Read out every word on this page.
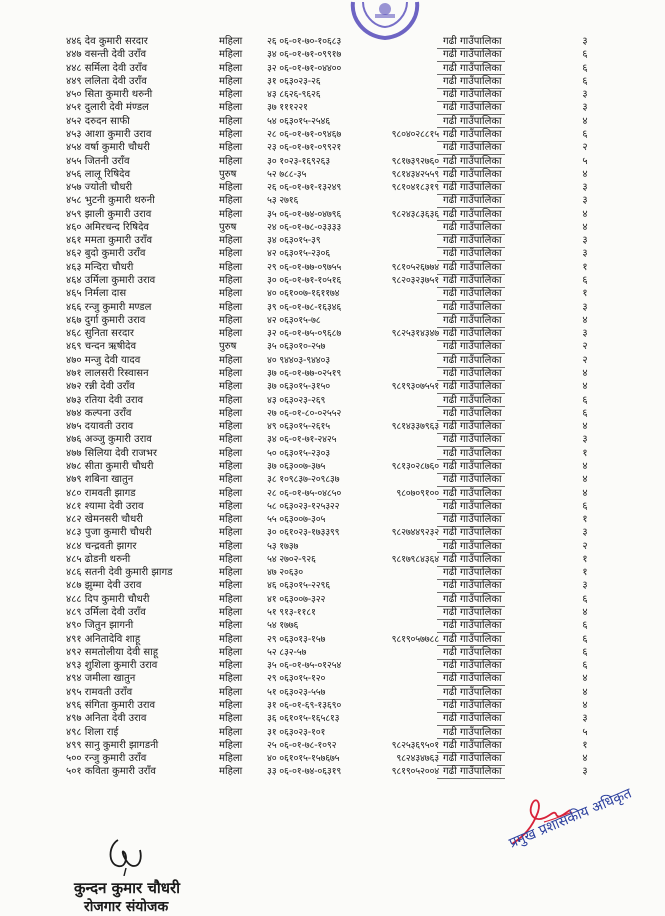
४४६ देव कुमारी सरदार	महिला	२६ ०६-०१-७०-१०६८३	गढी गाउँपालिका	३
४४७ वसन्ती देवी उराँव	महिला	३४ ०६-०१-७१-०९९१७	गढी गाउँपालिका	६
४४८ सर्मिला देवी उराँव	महिला	३२ ०६-०१-७१-०४४००	गढी गाउँपालिका	६
४४९ ललिता देवी उराँव	महिला	३१ ०६३०२३-२६	गढी गाउँपालिका	६
४५० सिता कुमारी थरुनी	महिला	४३ ८६२६-९६२६	गढी गाउँपालिका	३
४५१ दुलारी देवी मंण्डल	महिला	३७ १११२२१	गढी गाउँपालिका	३
४५२ दरुदन साफी	महिला	५४ ०६३०१५-२५४६	गढी गाउँपालिका	४
४५३ आशा कुमारी उराव	महिला	२८ ०६-०१-७१-०९४६७	९८०४०२८८१५ गढी गाउँपालिका	६
४५४ वर्षा कुमारी चौधरी	महिला	२३ ०६-०१-७१-०९९२१	गढी गाउँपालिका	२
४५५ जितनी उराँव	महिला	३० १०२३-१६९२६३	९८१७३९२७६० गढी गाउँपालिका	५
४५६ लालू रिषिदेव	पुरुष	५२ ७८८-३५	९८१४३४२५५९ गढी गाउँपालिका	४
४५७ ज्योती चौधरी	महिला	२६ ०६-०१-७१-१३२४९	९८१०४१८३१९ गढी गाउँपालिका	३
४५८ भुटनी कुमारी थरुनी	महिला	५३ २७१६	गढी गाउँपालिका	३
४५९ झाली कुमारी उराव	महिला	३५ ०६-०१-७४-०४७९६	९८२४३८३६३६ गढी गाउँपालिका	४
४६० अमिरचन्द रिषिदेव	पुरुष	२४ ०६-०१-७८-०३३३३	गढी गाउँपालिका	४
४६१ ममता कुमारी उराँव	महिला	३४ ०६३०१५-३९	गढी गाउँपालिका	३
४६२ बुदो कुमारी उराँव	महिला	४२ ०६३०१५-२३०६	गढी गाउँपालिका	३
४६३ मन्दिरा चौधरी	महिला	२९ ०६-०१-७७-०९७५५	९८१०५२६७७४ गढी गाउँपालिका	१
४६४ उर्मिला कुमारी उराव	महिला	३० ०६-०१-७१-१०५१६	९८२०३२३७५१ गढी गाउँपालिका	६
४६५ निर्मला दास	महिला	४० ०६१००७-१६११७४	गढी गाउँपालिका	१
४६६ रन्जु कुमारी मण्डल	महिला	३९ ०६-०१-७८-१६३४६	गढी गाउँपालिका	३
४६७ दुर्गा कुमारी उराव	महिला	४२ ०६३०१५-७८	गढी गाउँपालिका	४
४६८ सुनिता सरदार	महिला	३२ ०६-०१-७५-०९६८७	९८२५३१४३४७ गढी गाउँपालिका	३
४६९ चन्दन ऋषीदेव	पुरुष	३५ ०६३०१०-२५७	गढी गाउँपालिका	२
४७० मन्जु देवी यादव	महिला	४० ९४४०३-९४४०३	गढी गाउँपालिका	२
४७१ लालसरी रिस्वासन	महिला	३७ ०६-०१-७७-०२५१९	गढी गाउँपालिका	४
४७२ रन्नी देवी उराँव	महिला	३७ ०६३०१५-३१५०	९८१९३०७५५१ गढी गाउँपालिका	४
४७३ रतिया देवी उराव	महिला	४३ ०६३०२३-२६९	गढी गाउँपालिका	६
४७४ कल्पना उराँव	महिला	२७ ०६-०१-८०-०२५५२	गढी गाउँपालिका	६
४७५ दयावती उराव	महिला	४९ ०६३०१५-२६१५	९८१४३३७९६३ गढी गाउँपालिका	४
४७६ अञ्जु कुमारी उराव	महिला	३४ ०६-०१-७१-२४२५	गढी गाउँपालिका	३
४७७ सिलिया देवी राजभर	महिला	५० ०६३०१५-२३०३	गढी गाउँपालिका	१
४७८ सीता कुमारी चौधरी	महिला	३७ ०६३००७-३७५	९८१३०२८७६० गढी गाउँपालिका	४
४७९ शबिना खातुन	महिला	३८ १०९८३७-२०९८३७	गढी गाउँपालिका	४
४८० रामवती झागड	महिला	२८ ०६-०१-७५-०४८५०	९८०७०९१०० गढी गाउँपालिका	४
४८१ श्यामा देवी उराव	महिला	५८ ०६३०२३-१२५३२२	गढी गाउँपालिका	६
४८२ खेमनसरी चौधरी	महिला	५५ ०६३००७-३०५	गढी गाउँपालिका	१
४८३ पुजा कुमारी चौधरी	महिला	३० ०६१०२३-१७३३९९	९८२७४४९२३२ गढी गाउँपालिका	३
४८४ चन्द्रवती झागर	महिला	५३ १७३७	गढी गाउँपालिका	२
४८५ ढोडनी थरुनी	महिला	५४ २७०२-९२६	९८१७९८४३६४ गढी गाउँपालिका	१
४८६ सतनी देवी कुमारी झागड	महिला	४७ २०६३०	गढी गाउँपालिका	१
४८७ झुम्मा देवी उराव	महिला	४६ ०६३०१५-२२९६	गढी गाउँपालिका	३
४८८ दिप कुमारी चौधरी	महिला	४१ ०६३००७-३२२	गढी गाउँपालिका	६
४८९ उर्मिला देवी उराँव	महिला	५१ ९१३-११८१	गढी गाउँपालिका	४
४९० जितुन झागनी	महिला	५४ १७७६	गढी गाउँपालिका	६
४९१ अनितादेवि शाहू	महिला	२९ ०६३०१३-१५७	९८१९०५७७८८ गढी गाउँपालिका	६
४९२ समतोलीया देवी साहू	महिला	५२ ८३२-५७	गढी गाउँपालिका	६
४९३ शुशिला कुमारी उराव	महिला	३५ ०६-०१-७५-०१२५४	गढी गाउँपालिका	६
४९४ जमीला खातुन	महिला	२९ ०६३०१५-१२०	गढी गाउँपालिका	४
४९५ रामवती उराँव	महिला	५१ ०६३०२३-५५७	गढी गाउँपालिका	४
४९६ संगिता कुमारी उराव	महिला	३१ ०६-०१-६९-१३६९०	गढी गाउँपालिका	४
४९७ अनिता देवी उराव	महिला	३६ ०६१०१५-१६५८१३	गढी गाउँपालिका	३
४९८ शिला राई	महिला	३१ ०६३०२३-१०१	गढी गाउँपालिका	५
४९९ सानु कुमारी झागडनी	महिला	२५ ०६-०१-७८-१०९२	९८२५३६९५०१ गढी गाउँपालिका	१
५०० रन्जु कुमारी उराँव	महिला	४० ०६१०१५-१५७६७५	९८२४३४७६३ गढी गाउँपालिका	४
५०१ कविता कुमारी उराँव	महिला	३३ ०६-०१-७४-०६३१९	९८१९०५२००४ गढी गाउँपालिका	३
प्रमुख प्रशासकीय अधिकृत
कुन्दन कुमार चौधरी
रोजगार संयोजक
